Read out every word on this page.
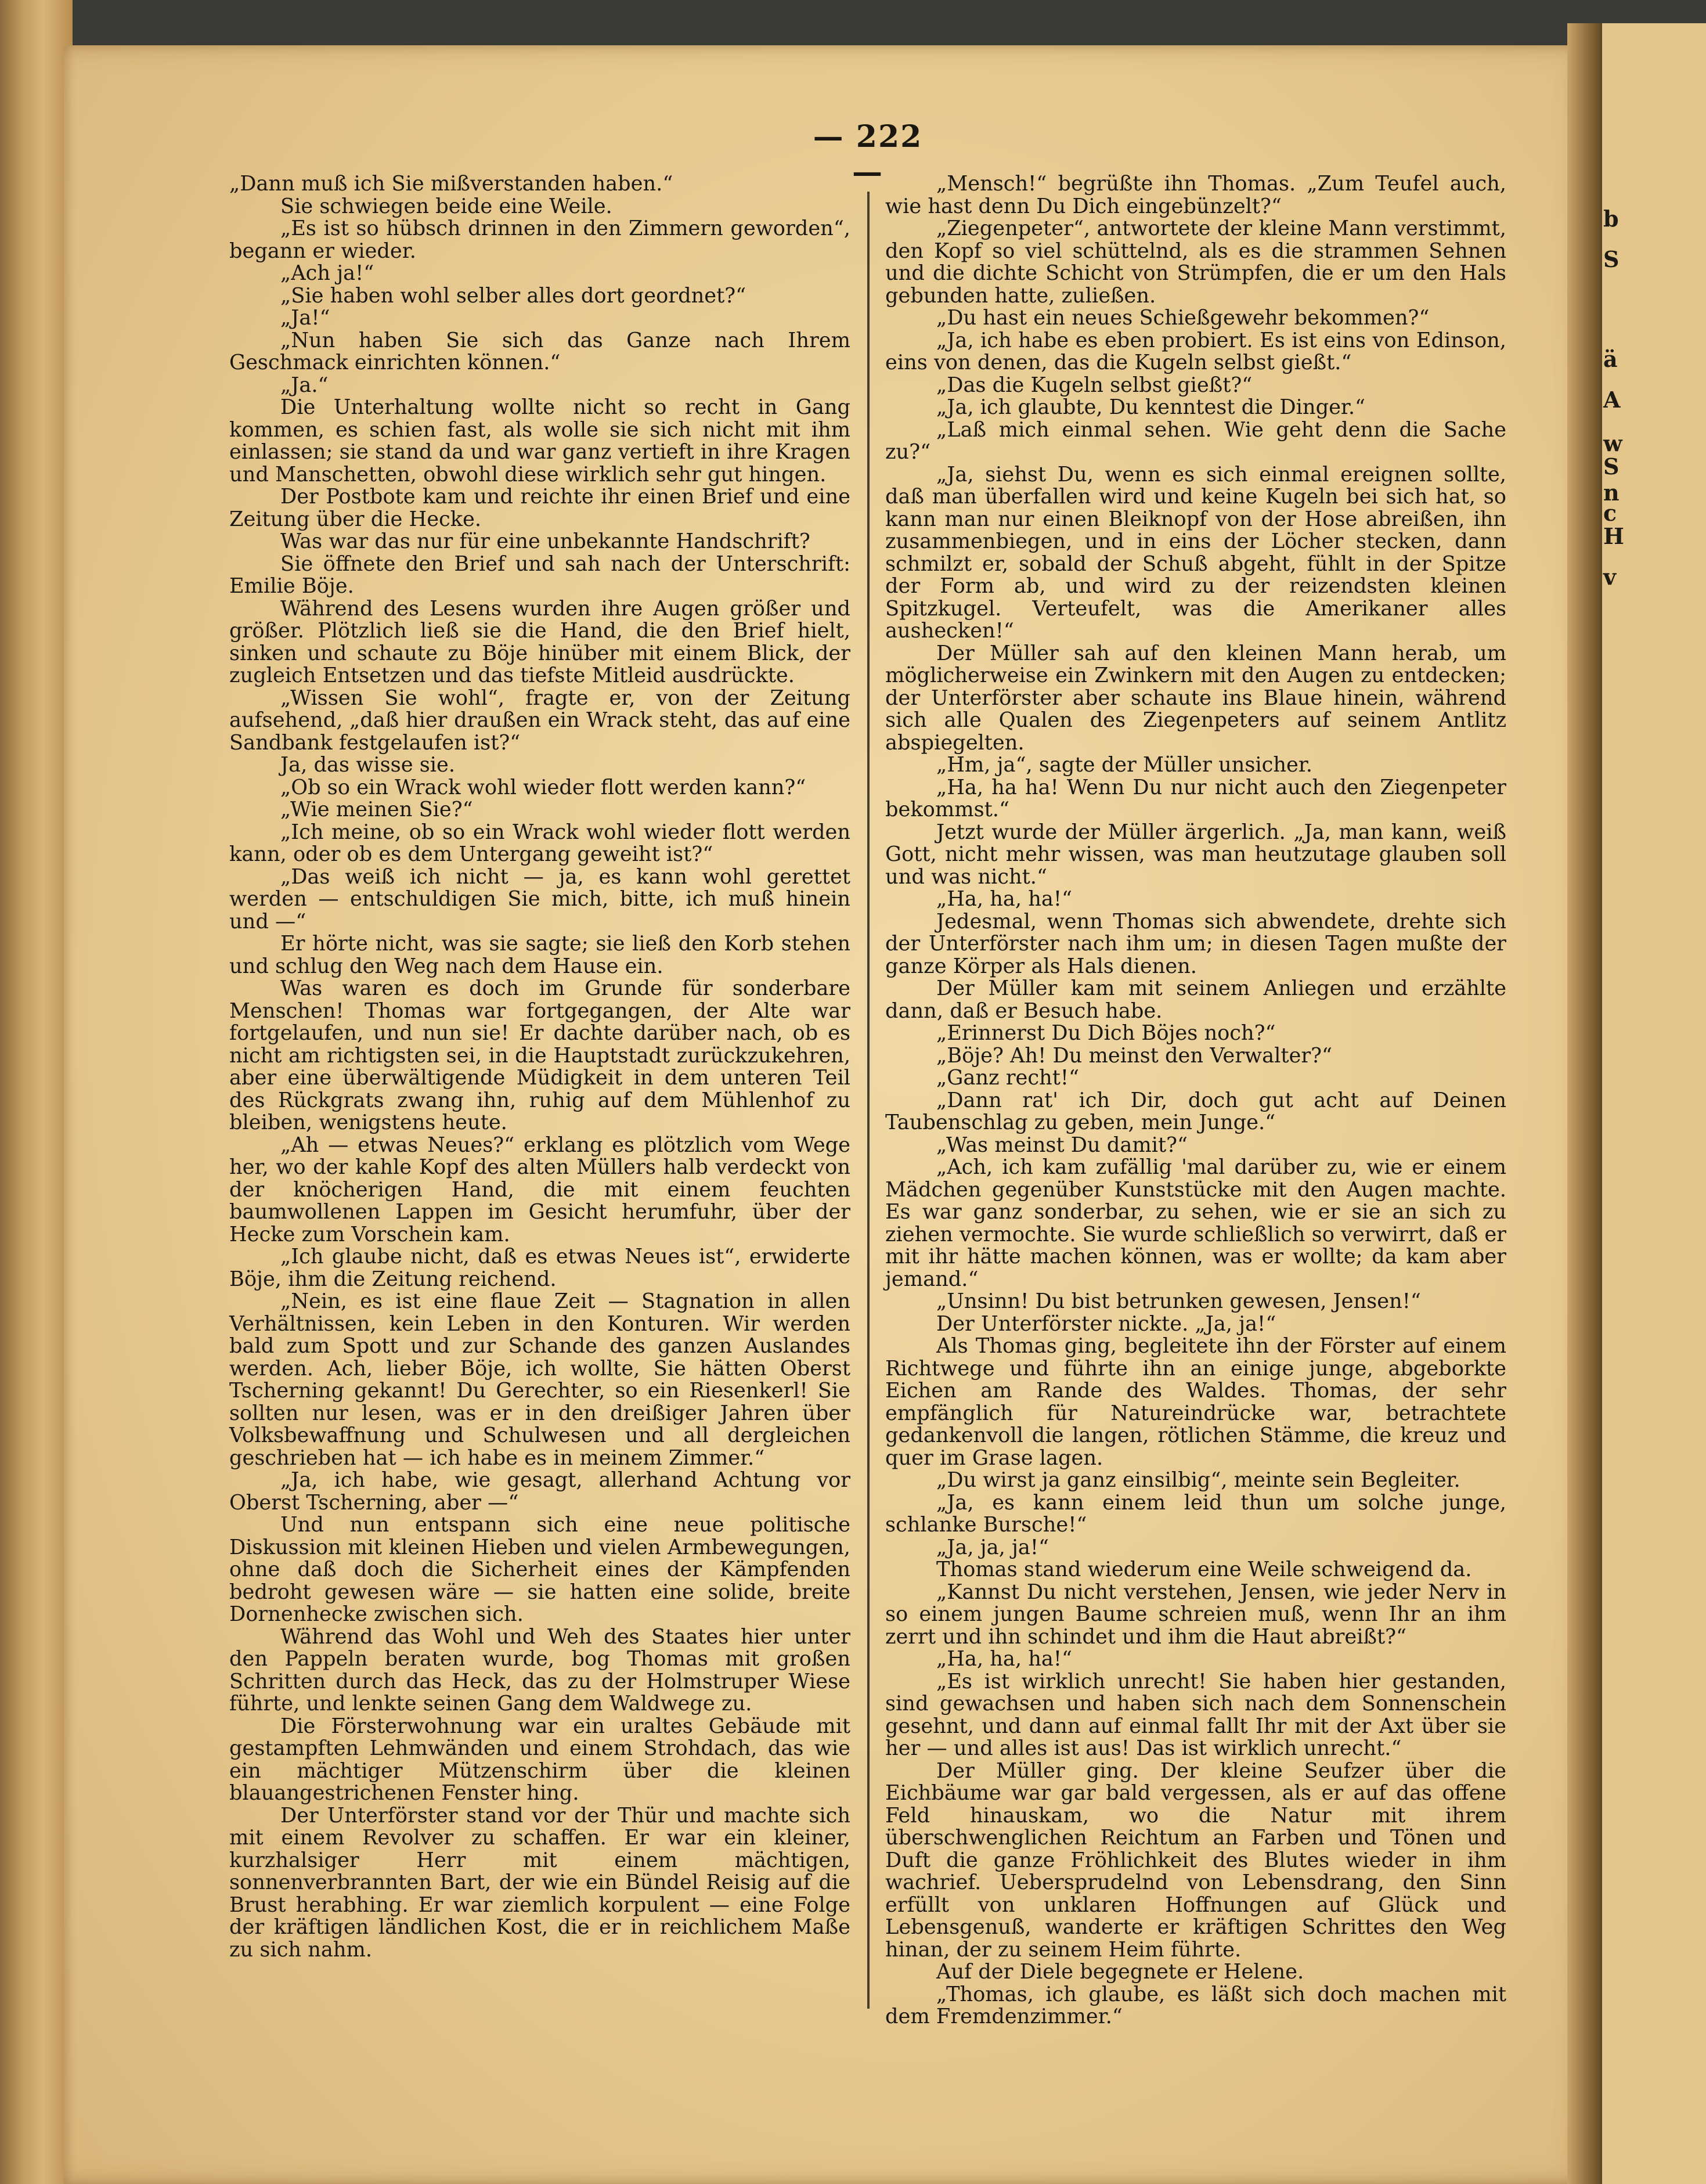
b
S
ä
A
w
S
n
c
H
v
— 222 —

„Dann muß ich Sie mißverstanden haben.“

Sie schwiegen beide eine Weile.

„Es ist so hübsch drinnen in den Zimmern geworden“, begann er wieder.

„Ach ja!“

„Sie haben wohl selber alles dort geordnet?“

„Ja!“

„Nun haben Sie sich das Ganze nach Ihrem Geschmack einrichten können.“

„Ja.“

Die Unterhaltung wollte nicht so recht in Gang kommen, es schien fast, als wolle sie sich nicht mit ihm einlassen; sie stand da und war ganz vertieft in ihre Kragen und Manschetten, obwohl diese wirklich sehr gut hingen.

Der Postbote kam und reichte ihr einen Brief und eine Zeitung über die Hecke.

Was war das nur für eine unbekannte Handschrift?

Sie öffnete den Brief und sah nach der Unterschrift: Emilie Böje.

Während des Lesens wurden ihre Augen größer und größer. Plötzlich ließ sie die Hand, die den Brief hielt, sinken und schaute zu Böje hinüber mit einem Blick, der zugleich Entsetzen und das tiefste Mitleid ausdrückte.

„Wissen Sie wohl“, fragte er, von der Zeitung aufsehend, „daß hier draußen ein Wrack steht, das auf eine Sandbank festgelaufen ist?“

Ja, das wisse sie.

„Ob so ein Wrack wohl wieder flott werden kann?“

„Wie meinen Sie?“

„Ich meine, ob so ein Wrack wohl wieder flott werden kann, oder ob es dem Untergang geweiht ist?“

„Das weiß ich nicht — ja, es kann wohl gerettet werden — entschuldigen Sie mich, bitte, ich muß hinein und —“

Er hörte nicht, was sie sagte; sie ließ den Korb stehen und schlug den Weg nach dem Hause ein.

Was waren es doch im Grunde für sonderbare Menschen! Thomas war fortgegangen, der Alte war fortgelaufen, und nun sie! Er dachte darüber nach, ob es nicht am richtigsten sei, in die Hauptstadt zurückzukehren, aber eine überwältigende Müdigkeit in dem unteren Teil des Rückgrats zwang ihn, ruhig auf dem Mühlenhof zu bleiben, wenigstens heute.

„Ah — etwas Neues?“ erklang es plötzlich vom Wege her, wo der kahle Kopf des alten Müllers halb verdeckt von der knöcherigen Hand, die mit einem feuchten baumwollenen Lappen im Gesicht herumfuhr, über der Hecke zum Vorschein kam.

„Ich glaube nicht, daß es etwas Neues ist“, erwiderte Böje, ihm die Zeitung reichend.

„Nein, es ist eine flaue Zeit — Stagnation in allen Verhältnissen, kein Leben in den Konturen. Wir werden bald zum Spott und zur Schande des ganzen Auslandes werden. Ach, lieber Böje, ich wollte, Sie hätten Oberst Tscherning gekannt! Du Gerechter, so ein Riesenkerl! Sie sollten nur lesen, was er in den dreißiger Jahren über Volksbewaffnung und Schulwesen und all dergleichen geschrieben hat — ich habe es in meinem Zimmer.“

„Ja, ich habe, wie gesagt, allerhand Achtung vor Oberst Tscherning, aber —“

Und nun entspann sich eine neue politische Diskussion mit kleinen Hieben und vielen Armbewegungen, ohne daß doch die Sicherheit eines der Kämpfenden bedroht gewesen wäre — sie hatten eine solide, breite Dornenhecke zwischen sich.

Während das Wohl und Weh des Staates hier unter den Pappeln beraten wurde, bog Thomas mit großen Schritten durch das Heck, das zu der Holmstruper Wiese führte, und lenkte seinen Gang dem Waldwege zu.

Die Försterwohnung war ein uraltes Gebäude mit gestampften Lehmwänden und einem Strohdach, das wie ein mächtiger Mützenschirm über die kleinen blauangestrichenen Fenster hing.

Der Unterförster stand vor der Thür und machte sich mit einem Revolver zu schaffen. Er war ein kleiner, kurzhalsiger Herr mit einem mächtigen, sonnenverbrannten Bart, der wie ein Bündel Reisig auf die Brust herabhing. Er war ziemlich korpulent — eine Folge der kräftigen ländlichen Kost, die er in reichlichem Maße zu sich nahm.

„Mensch!“ begrüßte ihn Thomas. „Zum Teufel auch, wie hast denn Du Dich eingebünzelt?“

„Ziegenpeter“, antwortete der kleine Mann verstimmt, den Kopf so viel schüttelnd, als es die strammen Sehnen und die dichte Schicht von Strümpfen, die er um den Hals gebunden hatte, zuließen.

„Du hast ein neues Schießgewehr bekommen?“

„Ja, ich habe es eben probiert. Es ist eins von Edinson, eins von denen, das die Kugeln selbst gießt.“

„Das die Kugeln selbst gießt?“

„Ja, ich glaubte, Du kenntest die Dinger.“

„Laß mich einmal sehen. Wie geht denn die Sache zu?“

„Ja, siehst Du, wenn es sich einmal ereignen sollte, daß man überfallen wird und keine Kugeln bei sich hat, so kann man nur einen Bleiknopf von der Hose abreißen, ihn zusammenbiegen, und in eins der Löcher stecken, dann schmilzt er, sobald der Schuß abgeht, fühlt in der Spitze der Form ab, und wird zu der reizendsten kleinen Spitzkugel. Verteufelt, was die Amerikaner alles aushecken!“

Der Müller sah auf den kleinen Mann herab, um möglicherweise ein Zwinkern mit den Augen zu entdecken; der Unterförster aber schaute ins Blaue hinein, während sich alle Qualen des Ziegenpeters auf seinem Antlitz abspiegelten.

„Hm, ja“, sagte der Müller unsicher.

„Ha, ha ha! Wenn Du nur nicht auch den Ziegenpeter bekommst.“

Jetzt wurde der Müller ärgerlich. „Ja, man kann, weiß Gott, nicht mehr wissen, was man heutzutage glauben soll und was nicht.“

„Ha, ha, ha!“

Jedesmal, wenn Thomas sich abwendete, drehte sich der Unterförster nach ihm um; in diesen Tagen mußte der ganze Körper als Hals dienen.

Der Müller kam mit seinem Anliegen und erzählte dann, daß er Besuch habe.

„Erinnerst Du Dich Böjes noch?“

„Böje? Ah! Du meinst den Verwalter?“

„Ganz recht!“

„Dann rat' ich Dir, doch gut acht auf Deinen Taubenschlag zu geben, mein Junge.“

„Was meinst Du damit?“

„Ach, ich kam zufällig 'mal darüber zu, wie er einem Mädchen gegenüber Kunststücke mit den Augen machte. Es war ganz sonderbar, zu sehen, wie er sie an sich zu ziehen vermochte. Sie wurde schließlich so verwirrt, daß er mit ihr hätte machen können, was er wollte; da kam aber jemand.“

„Unsinn! Du bist betrunken gewesen, Jensen!“

Der Unterförster nickte. „Ja, ja!“

Als Thomas ging, begleitete ihn der Förster auf einem Richtwege und führte ihn an einige junge, abgeborkte Eichen am Rande des Waldes. Thomas, der sehr empfänglich für Natureindrücke war, betrachtete gedankenvoll die langen, rötlichen Stämme, die kreuz und quer im Grase lagen.

„Du wirst ja ganz einsilbig“, meinte sein Begleiter.

„Ja, es kann einem leid thun um solche junge, schlanke Bursche!“

„Ja, ja, ja!“

Thomas stand wiederum eine Weile schweigend da.

„Kannst Du nicht verstehen, Jensen, wie jeder Nerv in so einem jungen Baume schreien muß, wenn Ihr an ihm zerrt und ihn schindet und ihm die Haut abreißt?“

„Ha, ha, ha!“

„Es ist wirklich unrecht! Sie haben hier gestanden, sind gewachsen und haben sich nach dem Sonnenschein gesehnt, und dann auf einmal fallt Ihr mit der Axt über sie her — und alles ist aus! Das ist wirklich unrecht.“

Der Müller ging. Der kleine Seufzer über die Eichbäume war gar bald vergessen, als er auf das offene Feld hinauskam, wo die Natur mit ihrem überschwenglichen Reichtum an Farben und Tönen und Duft die ganze Fröhlichkeit des Blutes wieder in ihm wachrief. Uebersprudelnd von Lebensdrang, den Sinn erfüllt von unklaren Hoffnungen auf Glück und Lebensgenuß, wanderte er kräftigen Schrittes den Weg hinan, der zu seinem Heim führte.

Auf der Diele begegnete er Helene.

„Thomas, ich glaube, es läßt sich doch machen mit dem Fremdenzimmer.“
